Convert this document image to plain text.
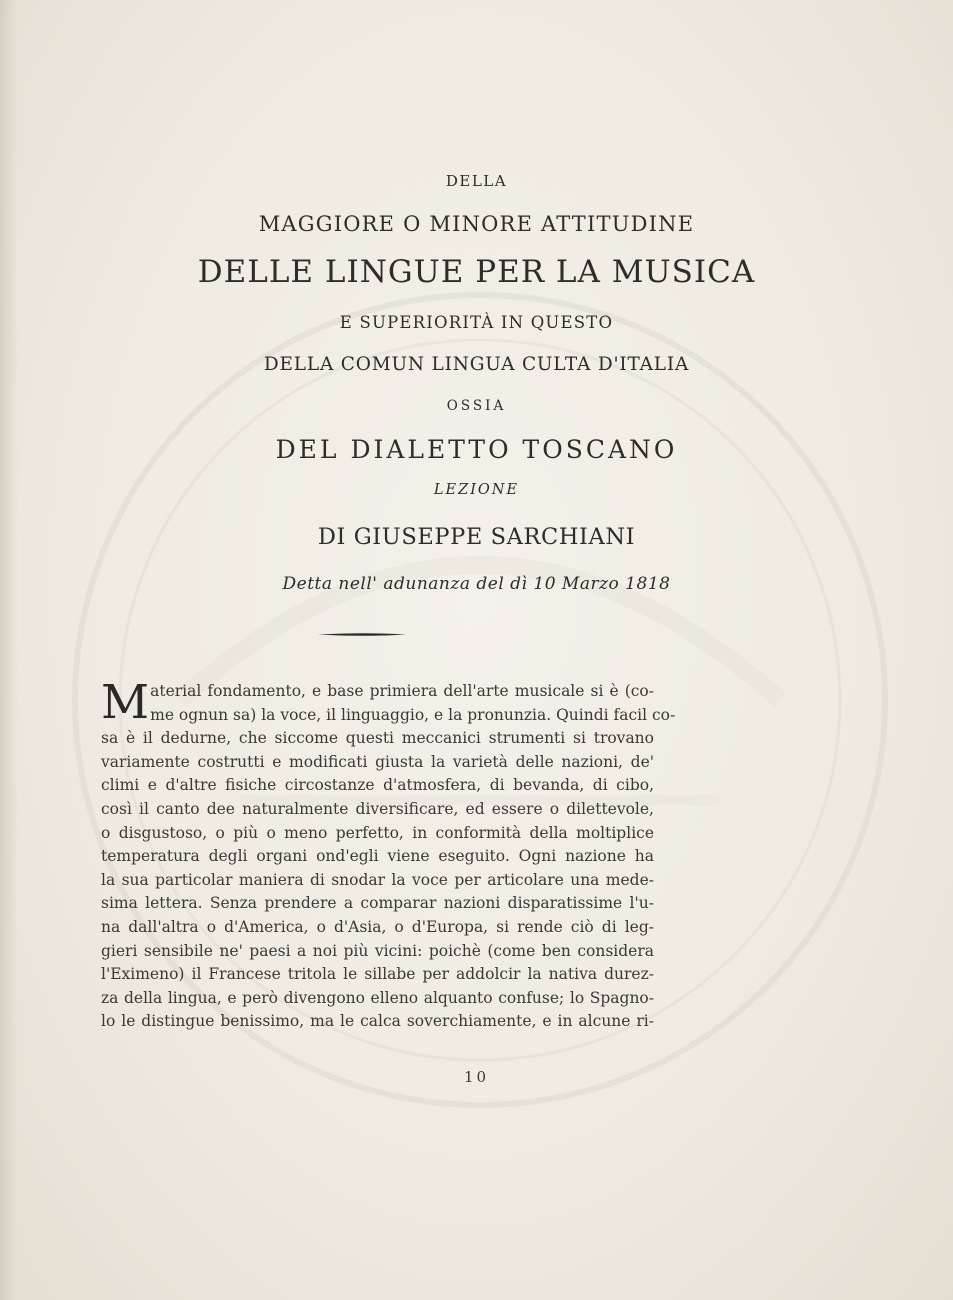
DELLA
MAGGIORE O MINORE ATTITUDINE
DELLE LINGUE PER LA MUSICA
E SUPERIORITÀ IN QUESTO
DELLA COMUN LINGUA CULTA D'ITALIA
OSSIA
DEL DIALETTO TOSCANO
LEZIONE
DI GIUSEPPE SARCHIANI
Detta nell' adunanza del dì 10 Marzo 1818
Material fondamento, e base primiera dell'arte musicale si è (co-
me ognun sa) la voce, il linguaggio, e la pronunzia. Quindi facil co-
sa è il dedurne, che siccome questi meccanici strumenti si trovano
variamente costrutti e modificati giusta la varietà delle nazioni, de'
climi e d'altre fisiche circostanze d'atmosfera, di bevanda, di cibo,
così il canto dee naturalmente diversificare, ed essere o dilettevole,
o disgustoso, o più o meno perfetto, in conformità della moltiplice
temperatura degli organi ond'egli viene eseguito. Ogni nazione ha
la sua particolar maniera di snodar la voce per articolare una mede-
sima lettera. Senza prendere a comparar nazioni disparatissime l'u-
na dall'altra o d'America, o d'Asia, o d'Europa, si rende ciò di leg-
gieri sensibile ne' paesi a noi più vicini: poichè (come ben considera
l'Eximeno) il Francese tritola le sillabe per addolcir la nativa durez-
za della lingua, e però divengono elleno alquanto confuse; lo Spagno-
lo le distingue benissimo, ma le calca soverchiamente, e in alcune ri-
10
